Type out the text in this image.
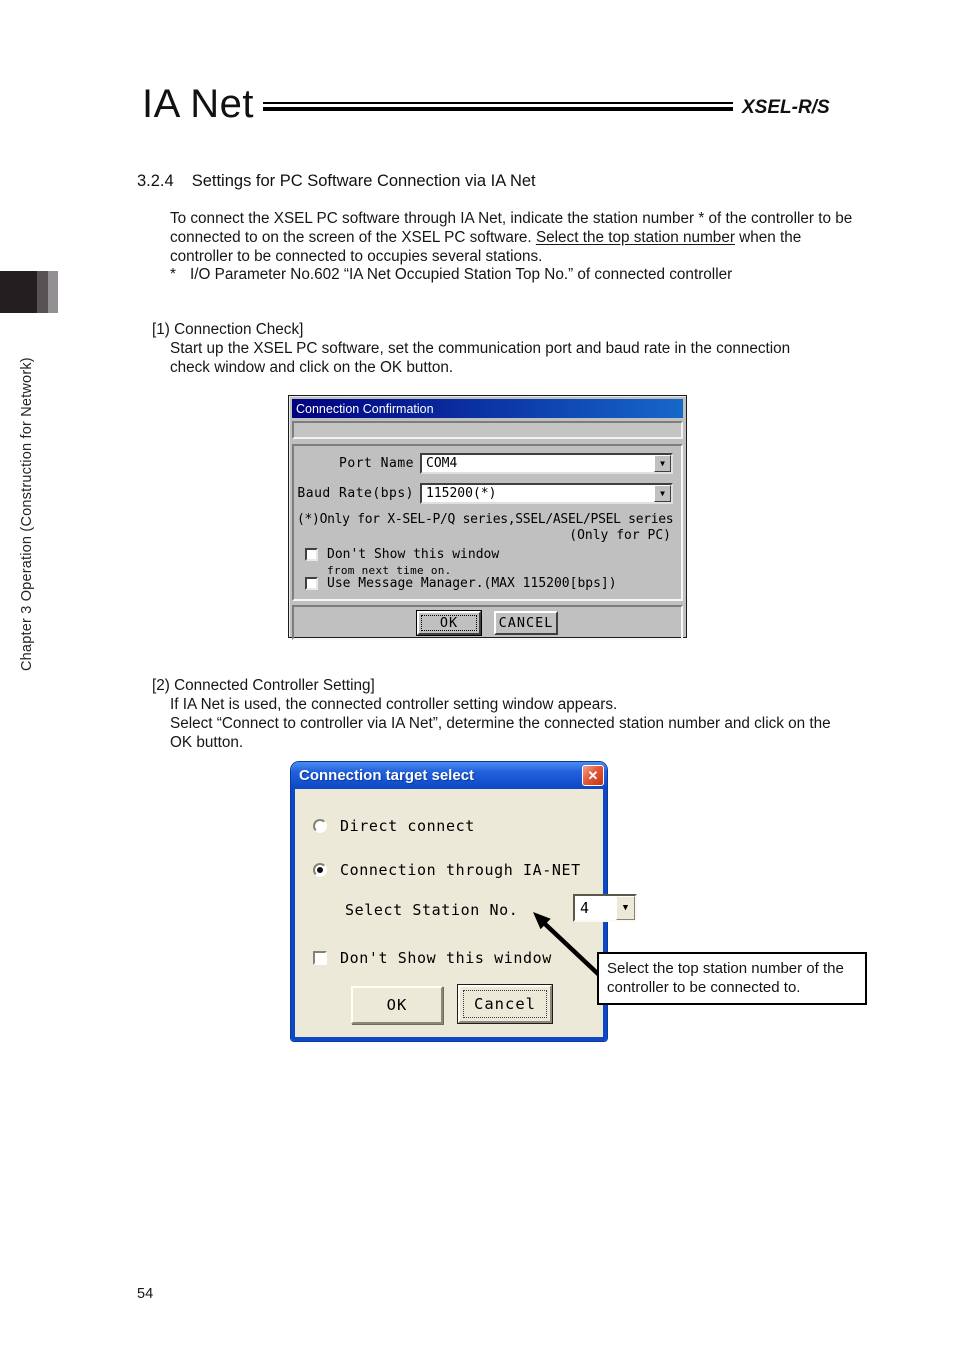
Chapter 3 Operation (Construction for Network)
IA Net	XSEL-R/S
3.2.4 Settings for PC Software Connection via IA Net
To connect the XSEL PC software through IA Net, indicate the station number * of the controller to be connected to on the screen of the XSEL PC software. Select the top station number when the controller to be connected to occupies several stations.
* I/O Parameter No.602 “IA Net Occupied Station Top No.” of connected controller
[1) Connection Check]
Start up the XSEL PC software, set the communication port and baud rate in the connection check window and click on the OK button.
Connection Confirmation
Port Name COM4	▼
Baud Rate(bps) 115200(*)	▼
(*)Only for X-SEL-P/Q series,SSEL/ASEL/PSEL series
(Only for PC)
Don't Show this window
from next time on.
Use Message Manager.(MAX 115200[bps])
OK	CANCEL
[2) Connected Controller Setting]
If IA Net is used, the connected controller setting window appears.
Select “Connect to controller via IA Net”, determine the connected station number and click on the OK button.
Connection target select	✕
Direct connect
Connection through IA-NET
Select Station No.	4	▼
Don't Show this window
OK	Cancel
Select the top station number of the controller to be connected to.
54
